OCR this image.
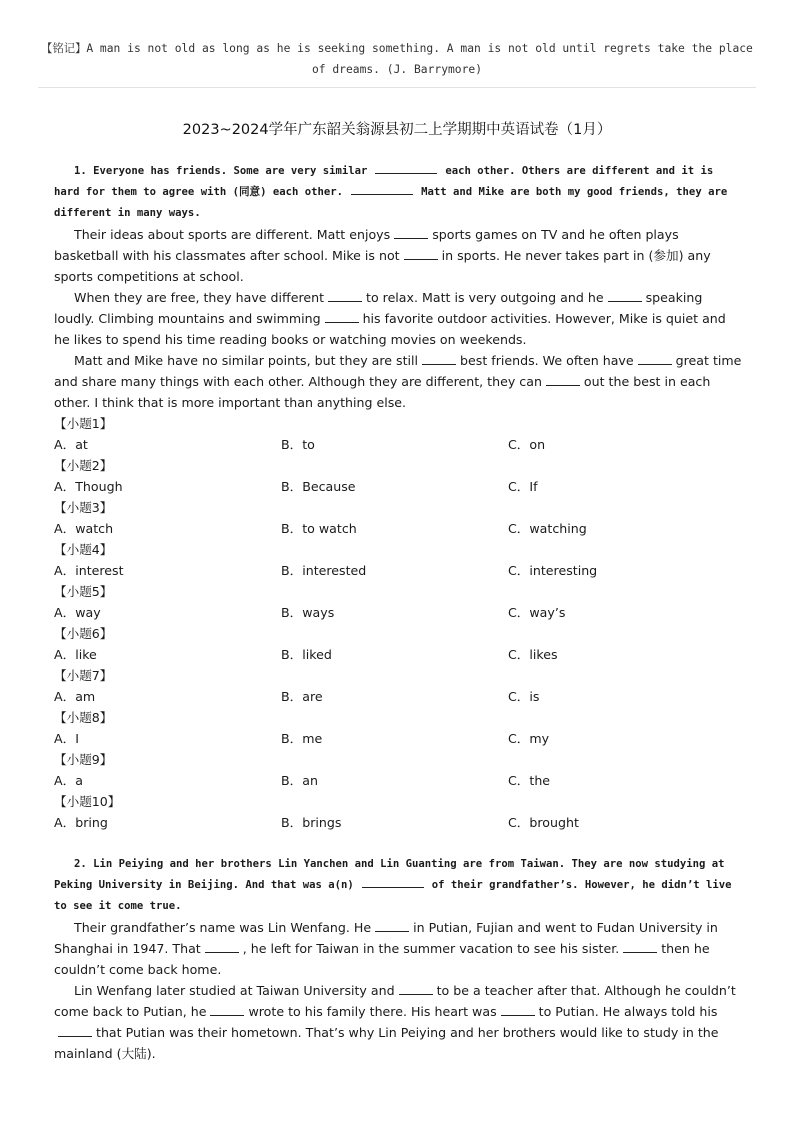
【铭记】A man is not old as long as he is seeking something. A man is not old until regrets take the place of dreams. (J. Barrymore)
2023~2024学年广东韶关翁源县初二上学期期中英语试卷（1月）

1. Everyone has friends. Some are very similar	each other. Others are different and it is hard for them to agree with (同意) each other.	Matt and Mike are both my good friends, they are different in many ways.

Their ideas about sports are different. Matt enjoys	sports games on TV and he often plays basketball with his classmates after school. Mike is not	in sports. He never takes part in (参加) any sports competitions at school.

When they are free, they have different	to relax. Matt is very outgoing and he	speaking loudly. Climbing mountains and swimming	his favorite outdoor activities. However, Mike is quiet and he likes to spend his time reading books or watching movies on weekends.

Matt and Mike have no similar points, but they are still	best friends. We often have	great time and share many things with each other. Although they are different, they can	out the best in each other. I think that is more important than anything else.

【小题1】
A．at	B．to	C．on
【小题2】
A．Though	B．Because	C．If
【小题3】
A．watch	B．to watch	C．watching
【小题4】
A．interest	B．interested	C．interesting
【小题5】
A．way	B．ways	C．way’s
【小题6】
A．like	B．liked	C．likes
【小题7】
A．am	B．are	C．is
【小题8】
A．I	B．me	C．my
【小题9】
A．a	B．an	C．the
【小题10】
A．bring	B．brings	C．brought

2. Lin Peiying and her brothers Lin Yanchen and Lin Guanting are from Taiwan. They are now studying at Peking University in Beijing. And that was a(n)	of their grandfather’s. However, he didn’t live to see it come true.

Their grandfather’s name was Lin Wenfang. He	in Putian, Fujian and went to Fudan University in Shanghai in 1947. That	, he left for Taiwan in the summer vacation to see his sister.	then he couldn’t come back home.

Lin Wenfang later studied at Taiwan University and	to be a teacher after that. Although he couldn’t come back to Putian, he	wrote to his family there. His heart was	to Putian. He always told histhat Putian was their hometown. That’s why Lin Peiying and her brothers would like to study in the mainland (大陆).
